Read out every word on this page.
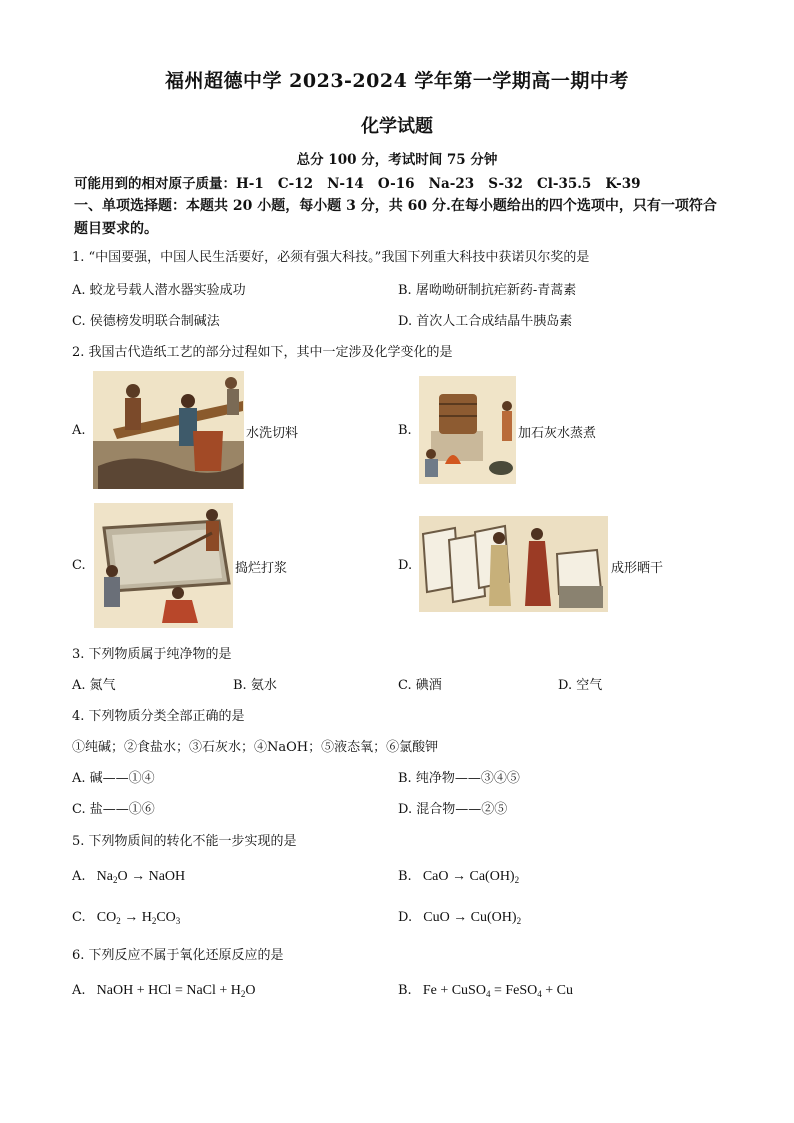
福州超德中学 2023-2024 学年第一学期高一期中考
化学试题
总分 100 分，考试时间 75 分钟
可能用到的相对原子质量：H-1   C-12   N-14   O-16   Na-23   S-32   Cl-35.5   K-39
一、单项选择题：本题共 20 小题，每小题 3 分，共 60 分.在每小题给出的四个选项中，只有一项符合题目要求的。
1. “中国要强，中国人民生活要好，必须有强大科技。”我国下列重大科技中获诺贝尔奖的是
A. 蛟龙号载人潜水器实验成功	B. 屠呦呦研制抗疟新药-青蒿素
C. 侯德榜发明联合制碱法	D. 首次人工合成结晶牛胰岛素
2. 我国古代造纸工艺的部分过程如下，其中一定涉及化学变化的是
A.	水洗切料	B.	加石灰水蒸煮
C.	捣烂打浆	D.	成形晒干
3. 下列物质属于纯净物的是
A. 氮气	B. 氨水	C. 碘酒	D. 空气
4. 下列物质分类全部正确的是
①纯碱；②食盐水；③石灰水；④NaOH；⑤液态氧；⑥氯酸钾
A. 碱——①④	B. 纯净物——③④⑤
C. 盐——①⑥	D. 混合物——②⑤
5. 下列物质间的转化不能一步实现的是
A.   $Na_2O$ → NaOH	B.   CaO → $Ca(OH)_2$
C.   $CO_2 \to H_2CO_3$	D.   CuO → $Cu(OH)_2$
6. 下列反应不属于氧化还原反应的是
A.   NaOH + HCl = NaCl + $H_2O$	B.   Fe + CuSO$_4$ = FeSO$_4$ + Cu
